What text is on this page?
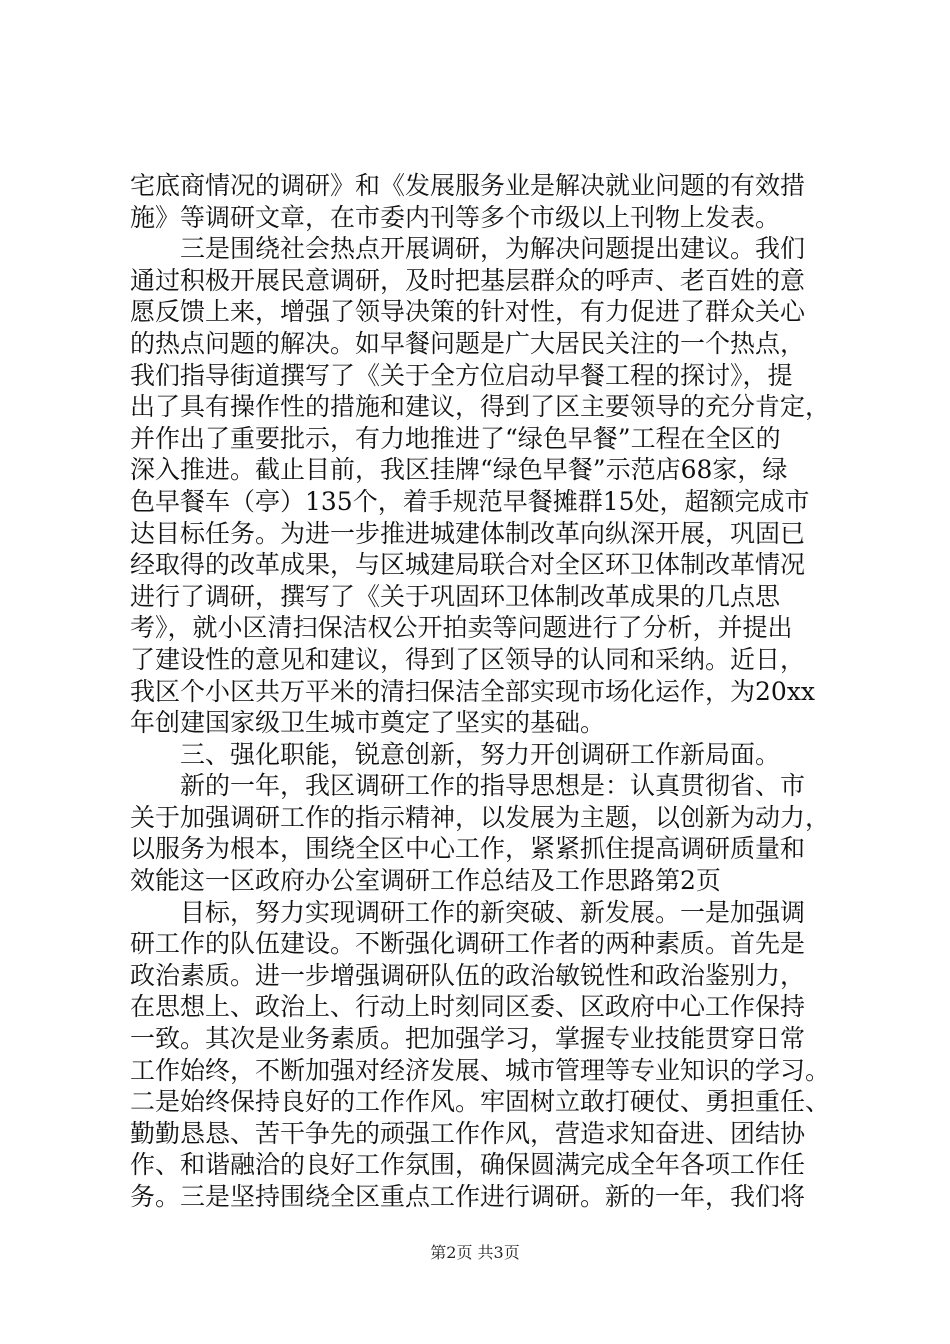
宅底商情况的调研》和《发展服务业是解决就业问题的有效措
施》等调研文章，在市委内刊等多个市级以上刊物上发表。
三是围绕社会热点开展调研，为解决问题提出建议。我们
通过积极开展民意调研，及时把基层群众的呼声、老百姓的意
愿反馈上来，增强了领导决策的针对性，有力促进了群众关心
的热点问题的解决。如早餐问题是广大居民关注的一个热点，
我们指导街道撰写了《关于全方位启动早餐工程的探讨》，提
出了具有操作性的措施和建议，得到了区主要领导的充分肯定，
并作出了重要批示，有力地推进了“绿色早餐”工程在全区的
深入推进。截止目前，我区挂牌“绿色早餐”示范店68家，绿
色早餐车（亭）135个，着手规范早餐摊群15处，超额完成市
达目标任务。为进一步推进城建体制改革向纵深开展，巩固已
经取得的改革成果，与区城建局联合对全区环卫体制改革情况
进行了调研，撰写了《关于巩固环卫体制改革成果的几点思
考》，就小区清扫保洁权公开拍卖等问题进行了分析，并提出
了建设性的意见和建议，得到了区领导的认同和采纳。近日，
我区个小区共万平米的清扫保洁全部实现市场化运作，为20xx
年创建国家级卫生城市奠定了坚实的基础。
三、强化职能，锐意创新，努力开创调研工作新局面。
新的一年，我区调研工作的指导思想是：认真贯彻省、市
关于加强调研工作的指示精神，以发展为主题，以创新为动力，
以服务为根本，围绕全区中心工作，紧紧抓住提高调研质量和
效能这一区政府办公室调研工作总结及工作思路第2页
目标，努力实现调研工作的新突破、新发展。一是加强调
研工作的队伍建设。不断强化调研工作者的两种素质。首先是
政治素质。进一步增强调研队伍的政治敏锐性和政治鉴别力，
在思想上、政治上、行动上时刻同区委、区政府中心工作保持
一致。其次是业务素质。把加强学习，掌握专业技能贯穿日常
工作始终，不断加强对经济发展、城市管理等专业知识的学习。
二是始终保持良好的工作作风。牢固树立敢打硬仗、勇担重任、
勤勤恳恳、苦干争先的顽强工作作风，营造求知奋进、团结协
作、和谐融洽的良好工作氛围，确保圆满完成全年各项工作任
务。三是坚持围绕全区重点工作进行调研。新的一年，我们将
第2页 共3页
